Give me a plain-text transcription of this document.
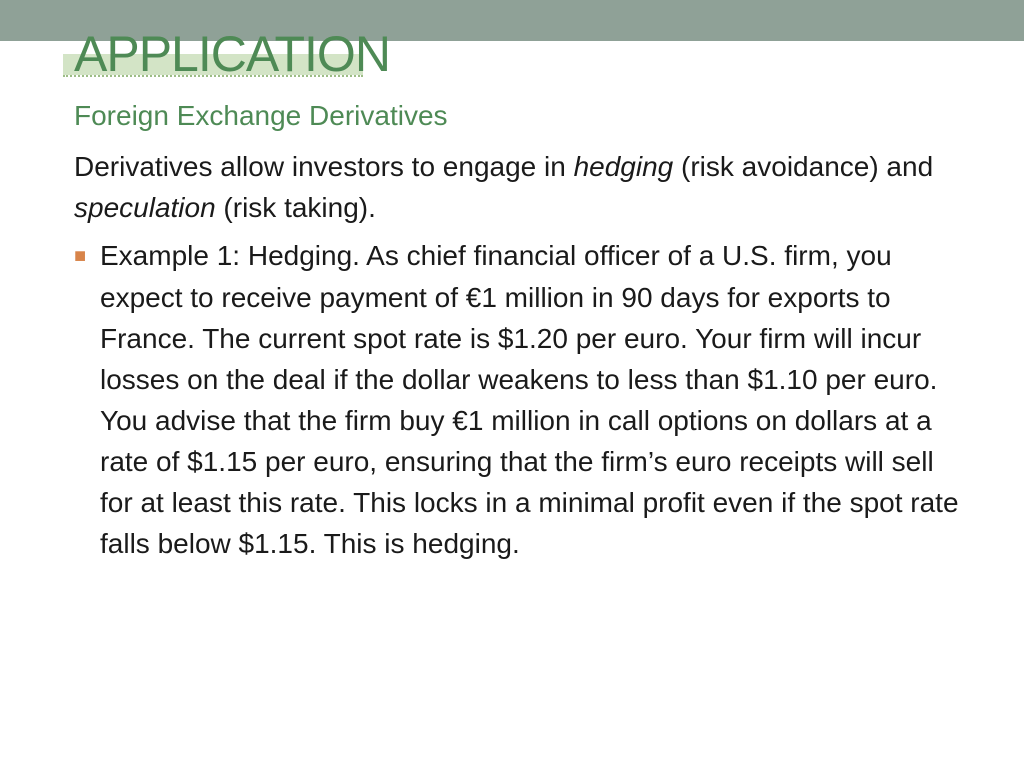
APPLICATION

Foreign Exchange Derivatives

Derivatives allow investors to engage in hedging (risk avoidance) and speculation (risk taking).

■ Example 1: Hedging. As chief financial officer of a U.S. firm, you expect to receive payment of €1 million in 90 days for exports to France. The current spot rate is $1.20 per euro. Your firm will incur losses on the deal if the dollar weakens to less than $1.10 per euro. You advise that the firm buy €1 million in call options on dollars at a rate of $1.15 per euro, ensuring that the firm’s euro receipts will sell for at least this rate. This locks in a minimal profit even if the spot rate falls below $1.15. This is hedging.
